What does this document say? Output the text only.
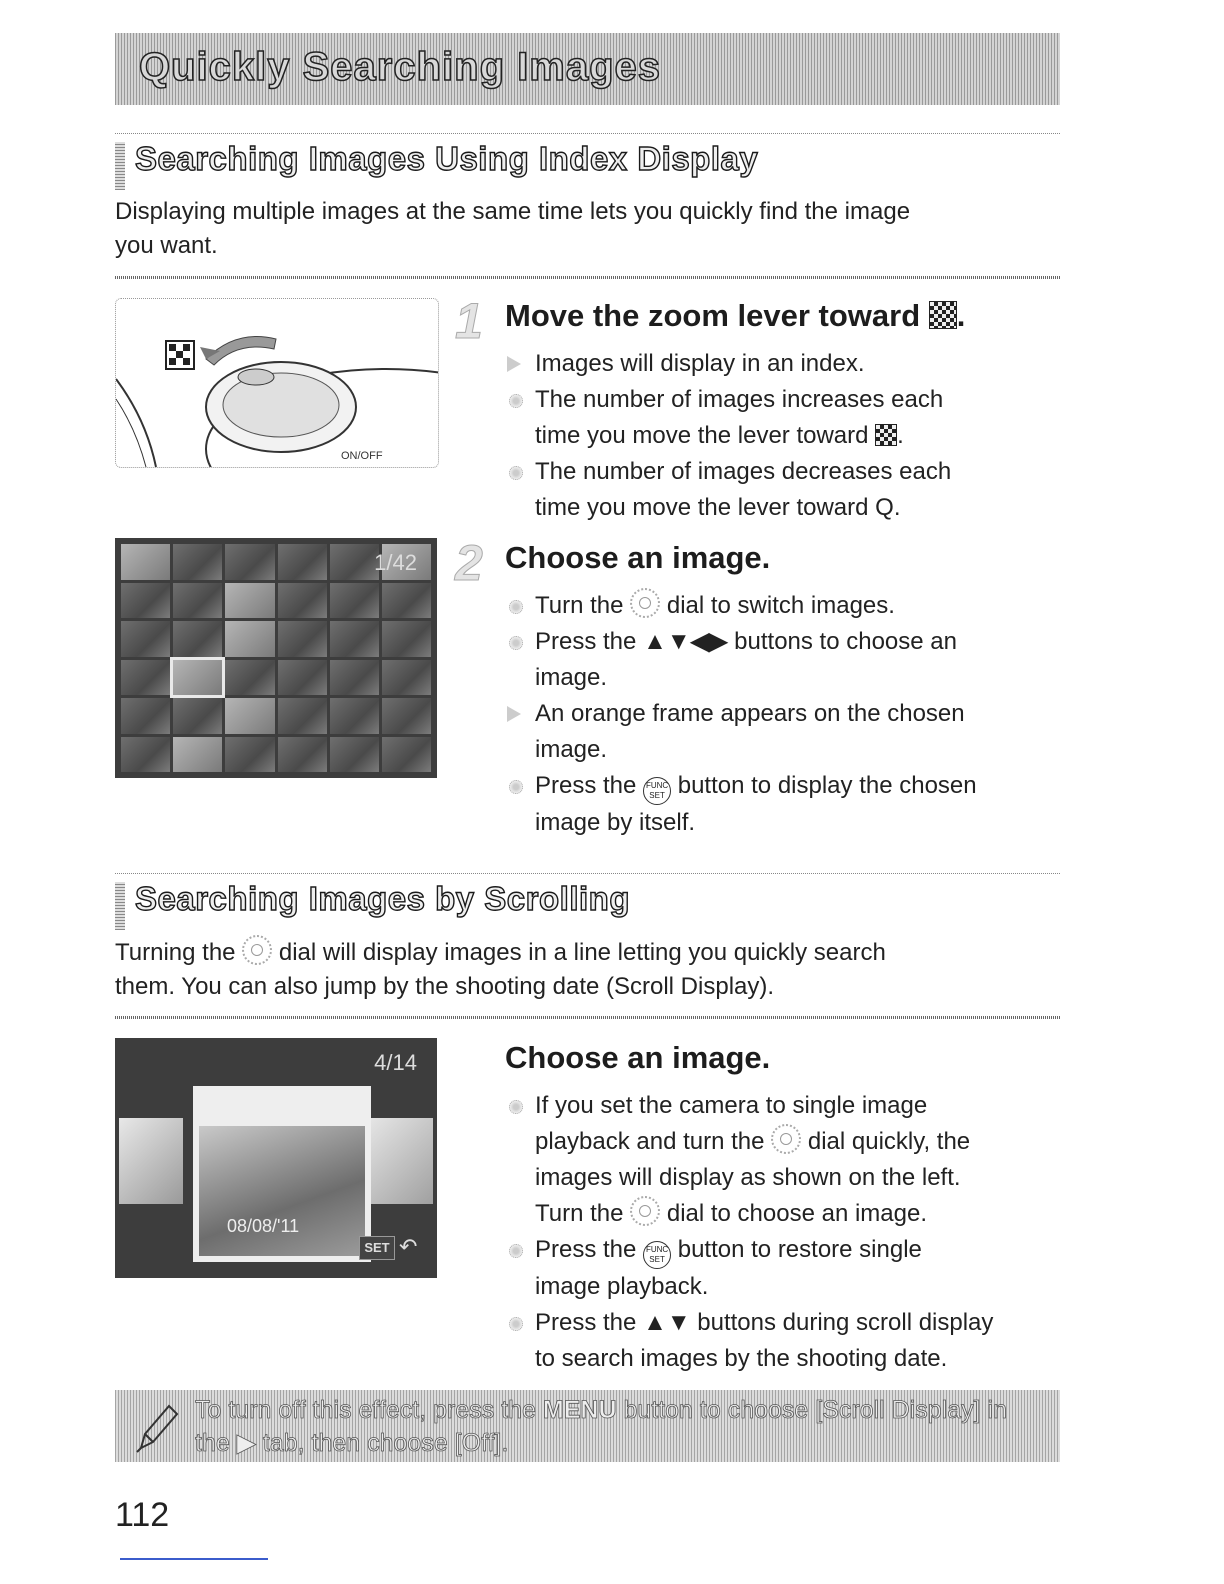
Quickly Searching Images
Searching Images Using Index Display
Displaying multiple images at the same time lets you quickly find the image
you want.
ON/OFF
1 Move the zoom lever toward .
Images will display in an index.
The number of images increases each
time you move the lever toward .
The number of images decreases each
time you move the lever toward Q.
1/42 2 Choose an image.
Turn the dial to switch images.
Press the ▲▼◀▶ buttons to choose an
image.
An orange frame appears on the chosen
image.
Press the FUNC SET button to display the chosen
image by itself.
Searching Images by Scrolling
Turning the dial will display images in a line letting you quickly search
them. You can also jump by the shooting date (Scroll Display).
4/14
08/08/'11
SET ↶
Choose an image.
If you set the camera to single image
playback and turn the dial quickly, the
images will display as shown on the left.
Turn the dial to choose an image.
Press the FUNC SET button to restore single
image playback.
Press the ▲▼ buttons during scroll display
to search images by the shooting date.
To turn off this effect, press the MENU button to choose [Scroll Display] in
the ▶ tab, then choose [Off].
112
